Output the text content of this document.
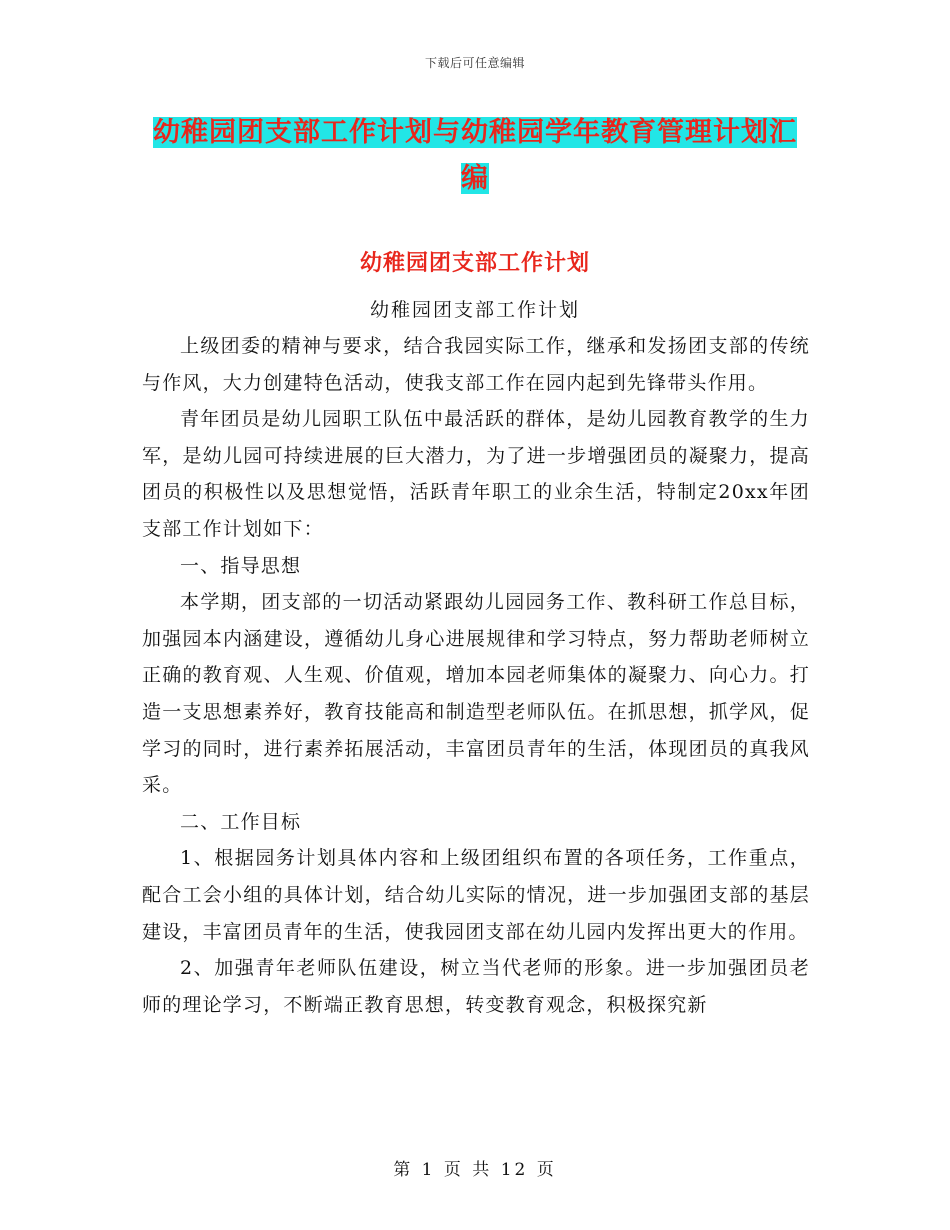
下载后可任意编辑
幼稚园团支部工作计划与幼稚园学年教育管理计划汇编
幼稚园团支部工作计划
幼稚园团支部工作计划

上级团委的精神与要求，结合我园实际工作，继承和发扬团支部的传统与作风，大力创建特色活动，使我支部工作在园内起到先锋带头作用。

青年团员是幼儿园职工队伍中最活跃的群体，是幼儿园教育教学的生力军，是幼儿园可持续进展的巨大潜力，为了进一步增强团员的凝聚力，提高团员的积极性以及思想觉悟，活跃青年职工的业余生活，特制定20xx年团支部工作计划如下：

一、指导思想

本学期，团支部的一切活动紧跟幼儿园园务工作、教科研工作总目标，加强园本内涵建设，遵循幼儿身心进展规律和学习特点，努力帮助老师树立正确的教育观、人生观、价值观，增加本园老师集体的凝聚力、向心力。打造一支思想素养好，教育技能高和制造型老师队伍。在抓思想，抓学风，促学习的同时，进行素养拓展活动，丰富团员青年的生活，体现团员的真我风采。

二、工作目标

1、根据园务计划具体内容和上级团组织布置的各项任务，工作重点，配合工会小组的具体计划，结合幼儿实际的情况，进一步加强团支部的基层建设，丰富团员青年的生活，使我园团支部在幼儿园内发挥出更大的作用。

2、加强青年老师队伍建设，树立当代老师的形象。进一步加强团员老师的理论学习，不断端正教育思想，转变教育观念，积极探究新

第 1 页 共 12 页
